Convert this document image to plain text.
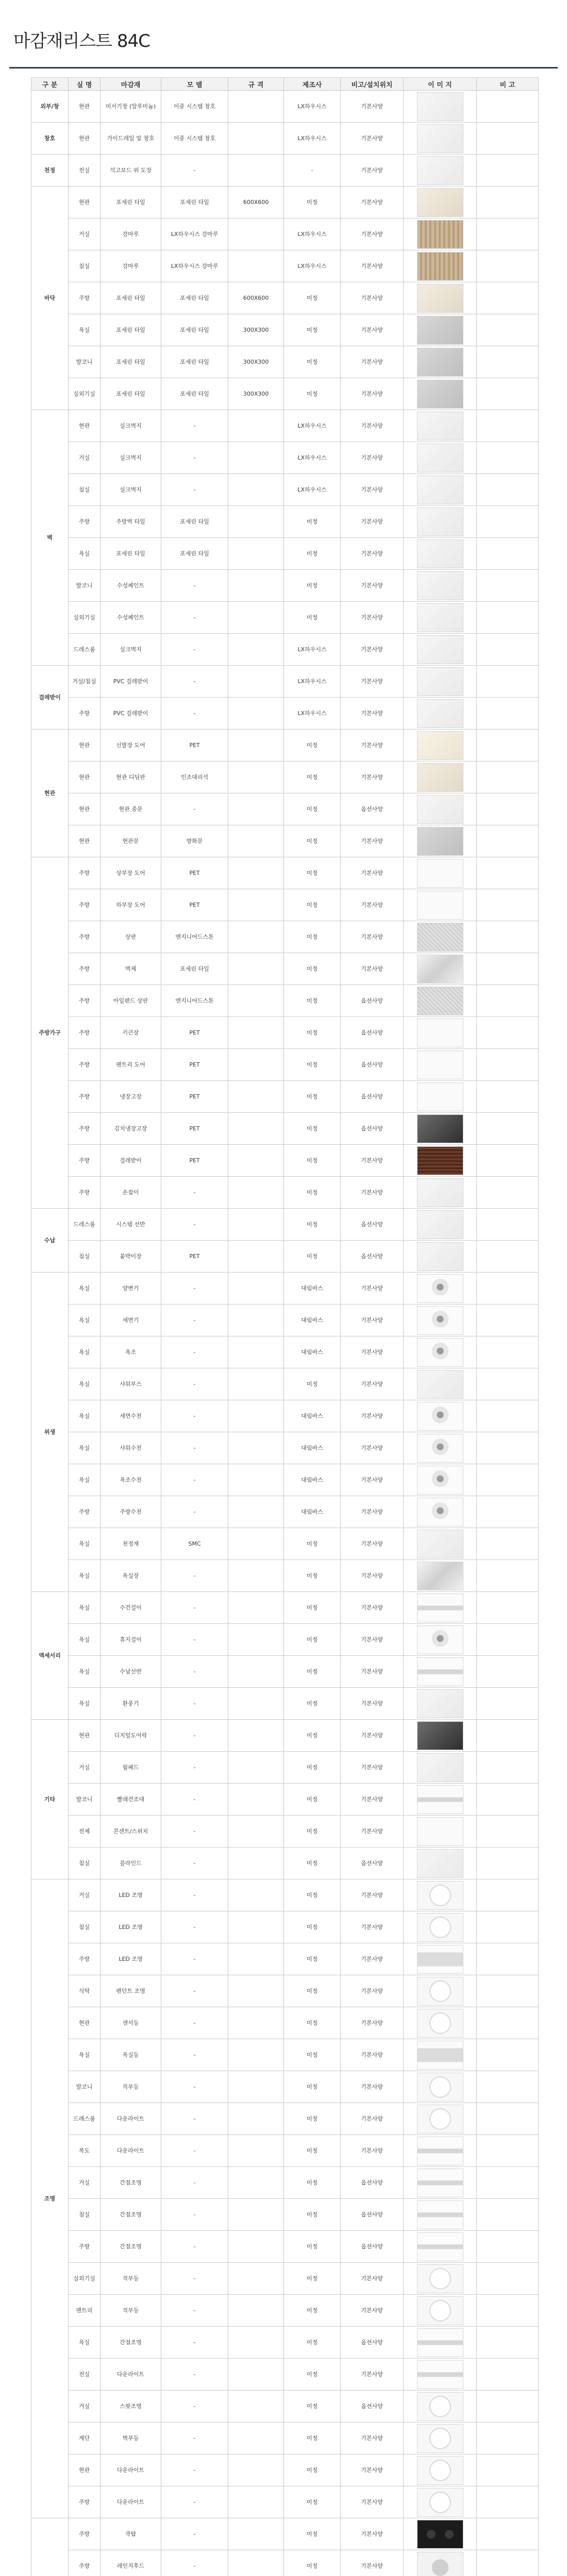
마감재리스트 84C
구 분	실 명	마감재	모 델	규 격	제조사	비고/설치위치	이 미 지	비 고
외부/창	현관	미서기창 (알루미늄)	이중 시스템 창호		LX하우시스	기본사양	

창호	현관	가이드레일 및 창호	이중 시스템 창호		LX하우시스	기본사양	

천정	전실	석고보드 위 도장	-		-	기본사양	

바닥	현관	포세린 타일	포세린 타일	600X600	미정	기본사양	

	거실	강마루	LX하우시스 강마루		LX하우시스	기본사양	

	침실	강마루	LX하우시스 강마루		LX하우시스	기본사양	

	주방	포세린 타일	포세린 타일	600X600	미정	기본사양	

	욕실	포세린 타일	포세린 타일	300X300	미정	기본사양	

	발코니	포세린 타일	포세린 타일	300X300	미정	기본사양	

	실외기실	포세린 타일	포세린 타일	300X300	미정	기본사양	

벽	현관	실크벽지	-		LX하우시스	기본사양	

	거실	실크벽지	-		LX하우시스	기본사양	

	침실	실크벽지	-		LX하우시스	기본사양	

	주방	주방벽 타일	포세린 타일		미정	기본사양	

	욕실	포세린 타일	포세린 타일		미정	기본사양	

	발코니	수성페인트	-		미정	기본사양	

	실외기실	수성페인트	-		미정	기본사양	

	드레스룸	실크벽지	-		LX하우시스	기본사양	

걸레받이	거실/침실	PVC 걸레받이	-		LX하우시스	기본사양	

	주방	PVC 걸레받이	-		LX하우시스	기본사양	

현관	현관	신발장 도어	PET		미정	기본사양	

	현관	현관 디딤판	인조대리석		미정	기본사양	

	현관	현관 중문	-		미정	옵션사양	

	현관	현관문	방화문		미정	기본사양	

주방가구	주방	상부장 도어	PET		미정	기본사양	

	주방	하부장 도어	PET		미정	기본사양	

	주방	상판	엔지니어드스톤		미정	기본사양	

	주방	벽체	포세린 타일		미정	기본사양	

	주방	아일랜드 상판	엔지니어드스톤		미정	옵션사양	

	주방	키큰장	PET		미정	옵션사양	

	주방	팬트리 도어	PET		미정	옵션사양	

	주방	냉장고장	PET		미정	옵션사양	

	주방	김치냉장고장	PET		미정	옵션사양	

	주방	걸레받이	PET		미정	기본사양	

	주방	손잡이	-		미정	기본사양	

수납	드레스룸	시스템 선반	-		미정	옵션사양	

	침실	붙박이장	PET		미정	옵션사양	

위생	욕실	양변기	-		대림바스	기본사양	

	욕실	세면기	-		대림바스	기본사양	

	욕실	욕조	-		대림바스	기본사양	

	욕실	샤워부스	-		미정	기본사양	

	욕실	세면수전	-		대림바스	기본사양	

	욕실	샤워수전	-		대림바스	기본사양	

	욕실	욕조수전	-		대림바스	기본사양	

	주방	주방수전	-		대림바스	기본사양	

	욕실	천정재	SMC		미정	기본사양	

	욕실	욕실장	-		미정	기본사양	

액세서리	욕실	수건걸이	-		미정	기본사양	

	욕실	휴지걸이	-		미정	기본사양	

	욕실	수납선반	-		미정	기본사양	

	욕실	환풍기	-		미정	기본사양	

기타	현관	디지털도어락	-		미정	기본사양	

	거실	월패드	-		미정	기본사양	

	발코니	빨래건조대	-		미정	기본사양	

	전체	콘센트/스위치	-		미정	기본사양	

	침실	블라인드	-		미정	옵션사양	

조명	거실	LED 조명	-		미정	기본사양	

	침실	LED 조명	-		미정	기본사양	

	주방	LED 조명	-		미정	기본사양	

	식탁	펜던트 조명	-		미정	기본사양	

	현관	센서등	-		미정	기본사양	

	욕실	욕실등	-		미정	기본사양	

	발코니	직부등	-		미정	기본사양	

	드레스룸	다운라이트	-		미정	기본사양	

	복도	다운라이트	-		미정	기본사양	

	거실	간접조명	-		미정	옵션사양	

	침실	간접조명	-		미정	옵션사양	

	주방	간접조명	-		미정	옵션사양	

	실외기실	직부등	-		미정	기본사양	

	팬트리	직부등	-		미정	기본사양	

	욕실	간접조명	-		미정	옵션사양	

	전실	다운라이트	-		미정	기본사양	

	거실	스팟조명	-		미정	옵션사양	

	계단	벽부등	-		미정	기본사양	

	현관	다운라이트	-		미정	기본사양	

	주방	다운라이트	-		미정	기본사양	

	주방	쿡탑	-		미정	기본사양	

	주방	레인지후드	-		미정	기본사양	
